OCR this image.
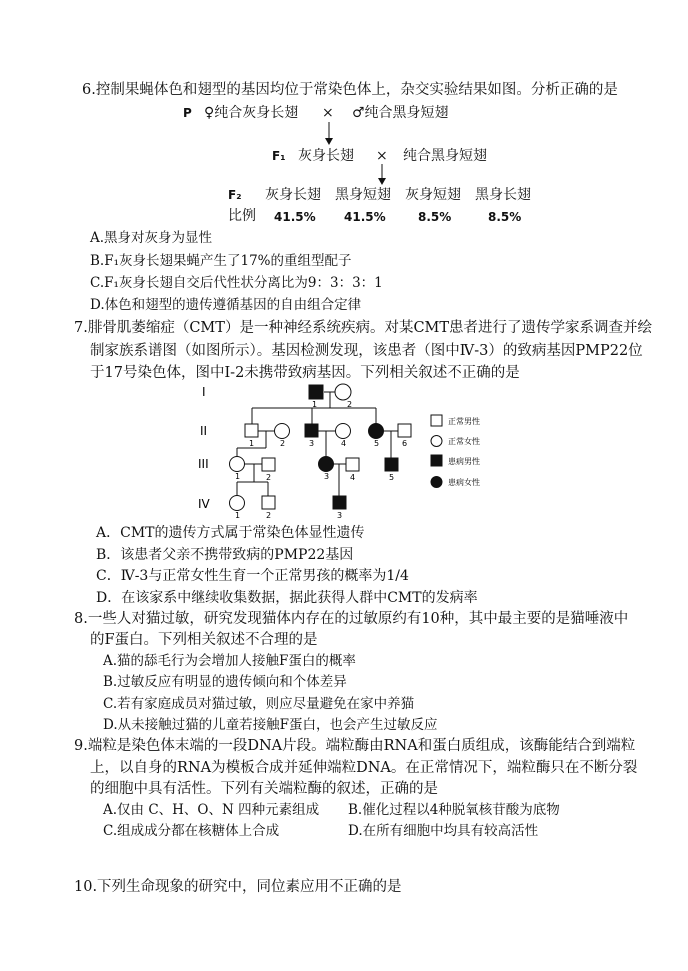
6.控制果蝇体色和翅型的基因均位于常染色体上，杂交实验结果如图。分析正确的是
P ♀纯合灰身长翅 × ♂纯合黑身短翅
F₁ 灰身长翅 × 纯合黑身短翅
F₂ 灰身长翅 黑身短翅 灰身短翅 黑身长翅
比例 41.5% 41.5%	8.5%	8.5%
A.黑身对灰身为显性
B.F₁灰身长翅果蝇产生了17%的重组型配子
C.F₁灰身长翅自交后代性状分离比为9：3：3：1
D.体色和翅型的遗传遵循基因的自由组合定律
7.腓骨肌萎缩症（CMT）是一种神经系统疾病。对某CMT患者进行了遗传学家系调查并绘
制家族系谱图（如图所示）。基因检测发现，该患者（图中Ⅳ-3）的致病基因PMP22位
于17号染色体，图中Ⅰ-2未携带致病基因。下列相关叙述不正确的是
I
II
III
IV
1	2
1	2	3	4	5	6
1	2	3	4	5
1	2	3
正常男性
正常女性
患病男性
患病女性
A．CMT的遗传方式属于常染色体显性遗传
B．该患者父亲不携带致病的PMP22基因
C．Ⅳ-3与正常女性生育一个正常男孩的概率为1/4
D．在该家系中继续收集数据，据此获得人群中CMT的发病率
8.一些人对猫过敏，研究发现猫体内存在的过敏原约有10种，其中最主要的是猫唾液中
的F蛋白。下列相关叙述不合理的是
A.猫的舔毛行为会增加人接触F蛋白的概率
B.过敏反应有明显的遗传倾向和个体差异
C.若有家庭成员对猫过敏，则应尽量避免在家中养猫
D.从未接触过猫的儿童若接触F蛋白，也会产生过敏反应
9.端粒是染色体末端的一段DNA片段。端粒酶由RNA和蛋白质组成，该酶能结合到端粒
上，以自身的RNA为模板合成并延伸端粒DNA。在正常情况下，端粒酶只在不断分裂
的细胞中具有活性。下列有关端粒酶的叙述，正确的是
A.仅由 C、H、O、N 四种元素组成 B.催化过程以4种脱氧核苷酸为底物
C.组成成分都在核糖体上合成	D.在所有细胞中均具有较高活性
10.下列生命现象的研究中，同位素应用不正确的是
